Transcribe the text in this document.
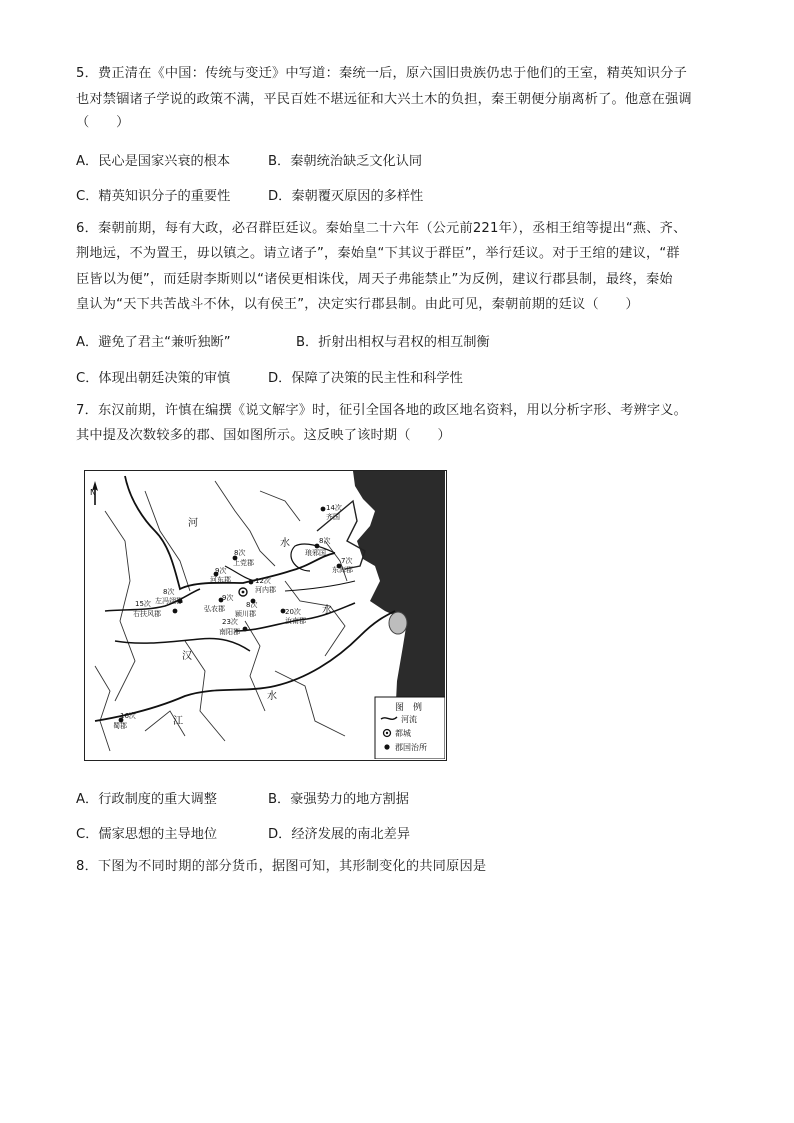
5．费正清在《中国：传统与变迁》中写道：秦统一后，原六国旧贵族仍忠于他们的王室，精英知识分子
也对禁锢诸子学说的政策不满，平民百姓不堪远征和大兴土木的负担，秦王朝便分崩离析了。他意在强调
（　　）
A．民心是国家兴衰的根本	B．秦朝统治缺乏文化认同
C．精英知识分子的重要性	D．秦朝覆灭原因的多样性
6．秦朝前期，每有大政，必召群臣廷议。秦始皇二十六年（公元前221年），丞相王绾等提出“燕、齐、
荆地远，不为置王，毋以镇之。请立诸子”，秦始皇“下其议于群臣”，举行廷议。对于王绾的建议，“群
臣皆以为便”，而廷尉李斯则以“诸侯更相诛伐，周天子弗能禁止”为反例，建议行郡县制，最终，秦始
皇认为“天下共苦战斗不休，以有侯王”，决定实行郡县制。由此可见，秦朝前期的廷议（　　）
A．避免了君主“兼听独断”	B．折射出相权与君权的相互制衡
C．体现出朝廷决策的审慎	D．保障了决策的民主性和科学性
7．东汉前期，许慎在编撰《说文解字》时，征引全国各地的政区地名资料，用以分析字形、考辨字义。
其中提及次数较多的郡、国如图所示。这反映了该时期（　　）
N
河
水
水
汉
水
江
14次
齐国
8次
琅邪国
7次
东海郡
8次
上党郡
9次
河东郡	12次
河内郡
8次
左冯翊郡
15次
右扶风郡
9次
弘农郡	8次
颍川郡	20次
汝南郡
23次
南阳郡
16次
蜀郡
图　例
河流
都城
郡国治所
A．行政制度的重大调整	B．豪强势力的地方割据
C．儒家思想的主导地位	D．经济发展的南北差异
8．下图为不同时期的部分货币，据图可知，其形制变化的共同原因是
